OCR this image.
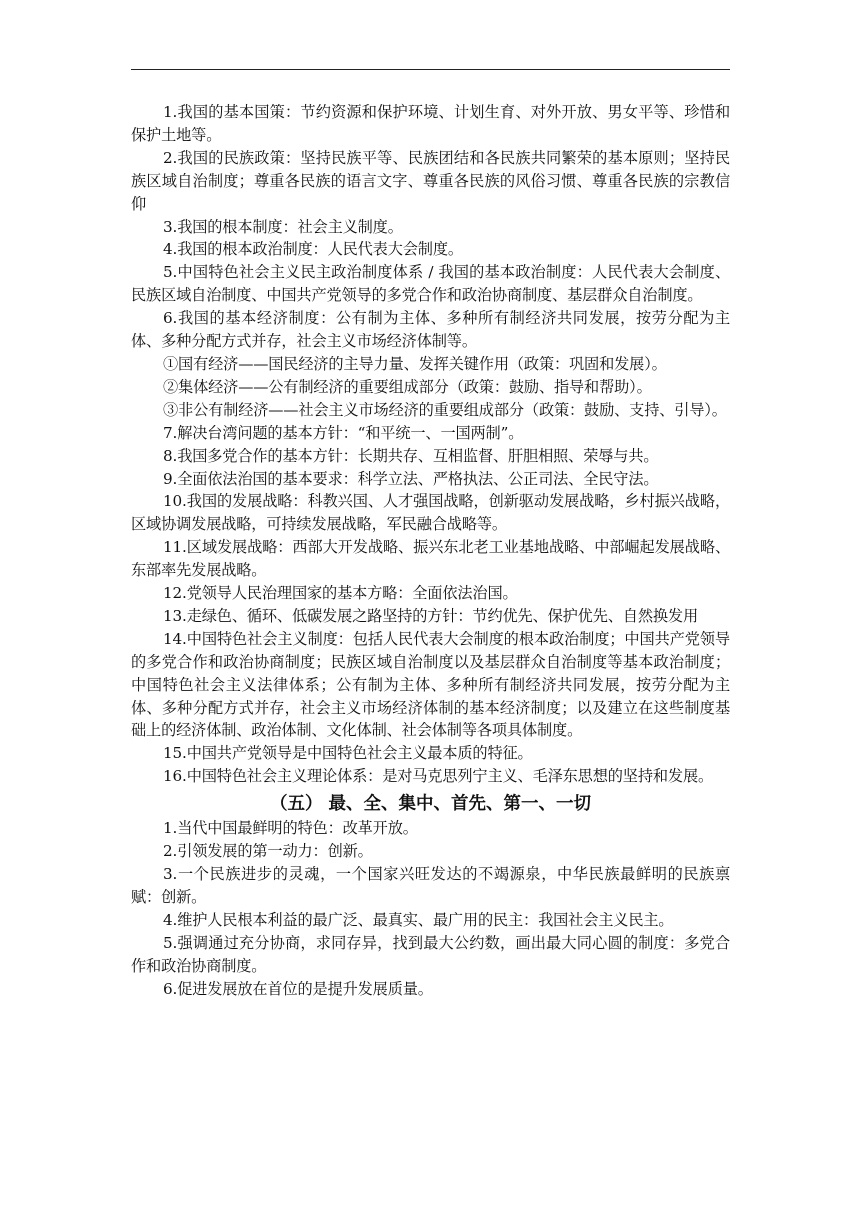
1.我国的基本国策：节约资源和保护环境、计划生育、对外开放、男女平等、珍惜和保护土地等。

2.我国的民族政策：坚持民族平等、民族团结和各民族共同繁荣的基本原则；坚持民族区域自治制度；尊重各民族的语言文字、尊重各民族的风俗习惯、尊重各民族的宗教信仰

3.我国的根本制度：社会主义制度。

4.我国的根本政治制度：人民代表大会制度。

5.中国特色社会主义民主政治制度体系 / 我国的基本政治制度：人民代表大会制度、民族区域自治制度、中国共产党领导的多党合作和政治协商制度、基层群众自治制度。

6.我国的基本经济制度：公有制为主体、多种所有制经济共同发展，按劳分配为主体、多种分配方式并存，社会主义市场经济体制等。

①国有经济——国民经济的主导力量、发挥关键作用（政策：巩固和发展）。

②集体经济——公有制经济的重要组成部分（政策：鼓励、指导和帮助）。

③非公有制经济——社会主义市场经济的重要组成部分（政策：鼓励、支持、引导）。

7.解决台湾问题的基本方针：“和平统一、一国两制”。

8.我国多党合作的基本方针：长期共存、互相监督、肝胆相照、荣辱与共。

9.全面依法治国的基本要求：科学立法、严格执法、公正司法、全民守法。

10.我国的发展战略：科教兴国、人才强国战略，创新驱动发展战略，乡村振兴战略，区域协调发展战略，可持续发展战略，军民融合战略等。

11.区域发展战略：西部大开发战略、振兴东北老工业基地战略、中部崛起发展战略、东部率先发展战略。

12.党领导人民治理国家的基本方略：全面依法治国。

13.走绿色、循环、低碳发展之路坚持的方针：节约优先、保护优先、自然换发用

14.中国特色社会主义制度：包括人民代表大会制度的根本政治制度；中国共产党领导的多党合作和政治协商制度；民族区域自治制度以及基层群众自治制度等基本政治制度；中国特色社会主义法律体系；公有制为主体、多种所有制经济共同发展，按劳分配为主体、多种分配方式并存，社会主义市场经济体制的基本经济制度；以及建立在这些制度基础上的经济体制、政治体制、文化体制、社会体制等各项具体制度。

15.中国共产党领导是中国特色社会主义最本质的特征。

16.中国特色社会主义理论体系：是对马克思列宁主义、毛泽东思想的坚持和发展。

（五） 最、全、集中、首先、第一、一切

1.当代中国最鲜明的特色：改革开放。

2.引领发展的第一动力：创新。

3.一个民族进步的灵魂，一个国家兴旺发达的不竭源泉，中华民族最鲜明的民族禀赋：创新。

4.维护人民根本利益的最广泛、最真实、最广用的民主：我国社会主义民主。

5.强调通过充分协商，求同存异，找到最大公约数，画出最大同心圆的制度：多党合作和政治协商制度。

6.促进发展放在首位的是提升发展质量。
